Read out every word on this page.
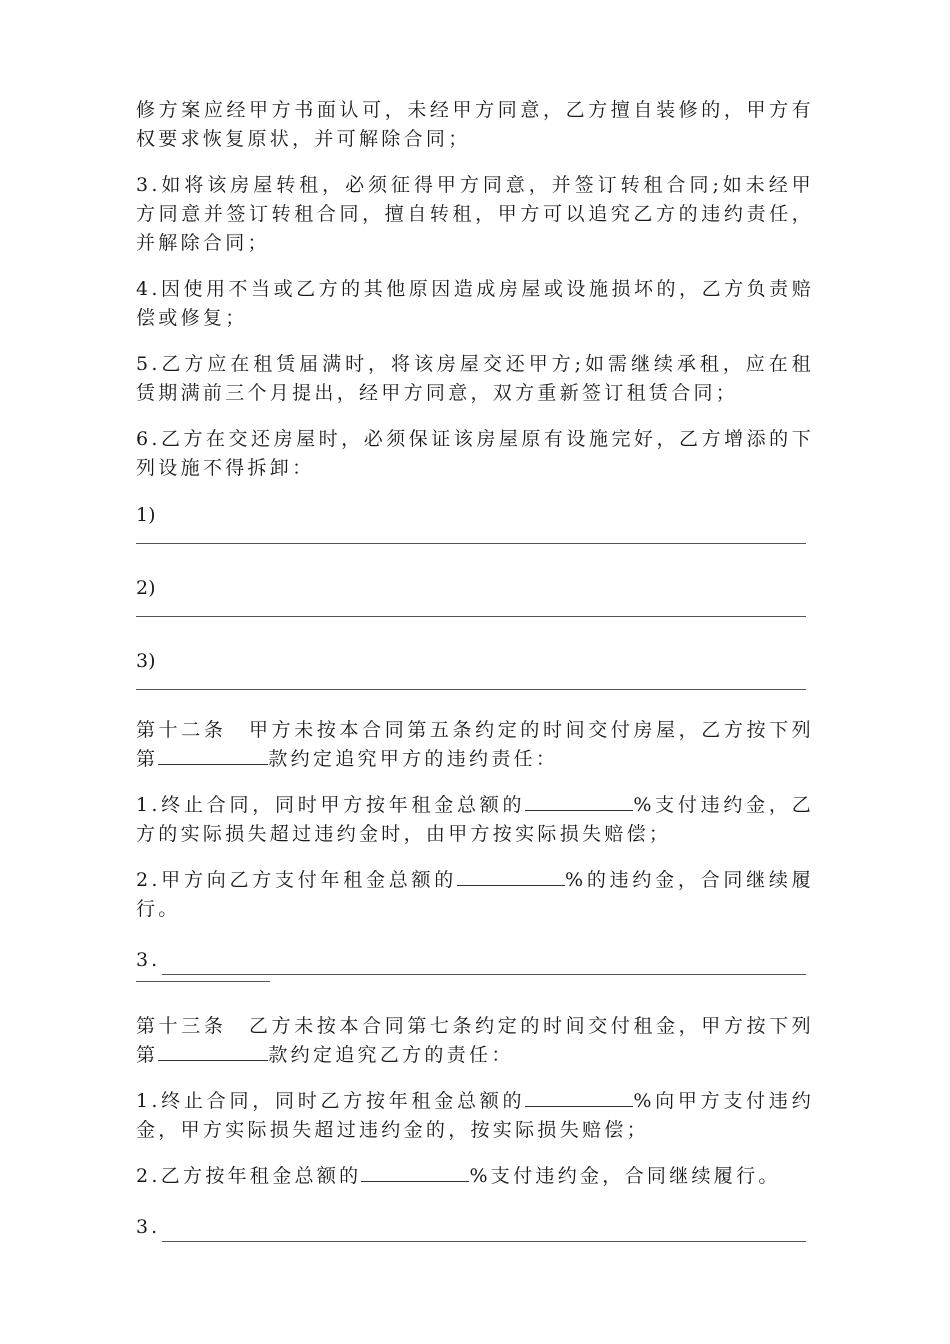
修方案应经甲方书面认可，未经甲方同意，乙方擅自装修的，甲方有权要求恢复原状，并可解除合同；

3.如将该房屋转租，必须征得甲方同意，并签订转租合同;如未经甲方同意并签订转租合同，擅自转租，甲方可以追究乙方的违约责任，并解除合同；

4.因使用不当或乙方的其他原因造成房屋或设施损坏的，乙方负责赔偿或修复；

5.乙方应在租赁届满时，将该房屋交还甲方;如需继续承租，应在租赁期满前三个月提出，经甲方同意，双方重新签订租赁合同；

6.乙方在交还房屋时，必须保证该房屋原有设施完好，乙方增添的下列设施不得拆卸：

1)

2)

3)

第十二条　甲方未按本合同第五条约定的时间交付房屋，乙方按下列第	款约定追究甲方的违约责任：

1.终止合同，同时甲方按年租金总额的	%支付违约金，乙方的实际损失超过违约金时，由甲方按实际损失赔偿；

2.甲方向乙方支付年租金总额的	%的违约金，合同继续履行。

3.

第十三条　乙方未按本合同第七条约定的时间交付租金，甲方按下列第	款约定追究乙方的责任：

1.终止合同，同时乙方按年租金总额的	%向甲方支付违约金，甲方实际损失超过违约金的，按实际损失赔偿；

2.乙方按年租金总额的	%支付违约金，合同继续履行。

3.
